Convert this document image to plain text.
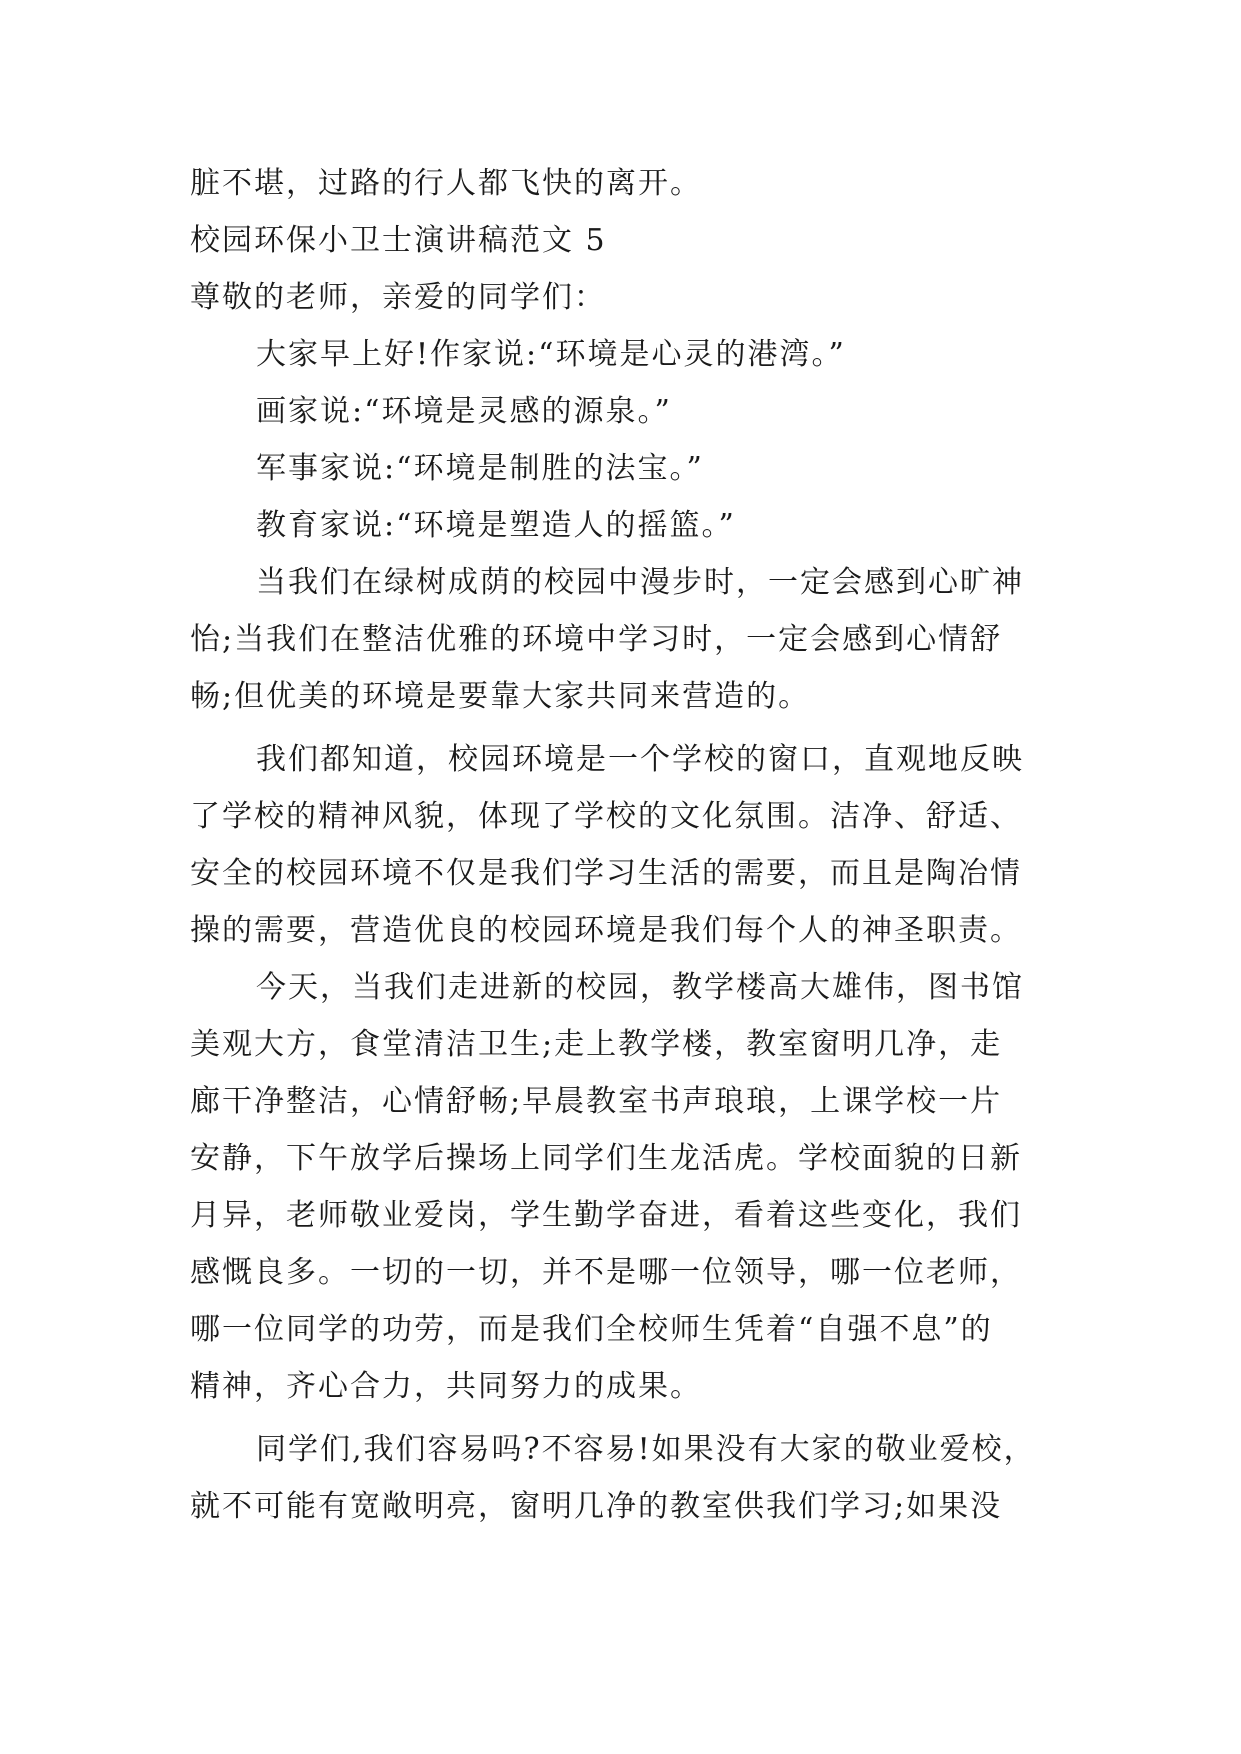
脏不堪，过路的行人都飞快的离开。
校园环保小卫士演讲稿范文 5
尊敬的老师，亲爱的同学们：
大家早上好!作家说:“环境是心灵的港湾。”
画家说:“环境是灵感的源泉。”
军事家说:“环境是制胜的法宝。”
教育家说:“环境是塑造人的摇篮。”
当我们在绿树成荫的校园中漫步时，一定会感到心旷神
怡;当我们在整洁优雅的环境中学习时，一定会感到心情舒
畅;但优美的环境是要靠大家共同来营造的。
我们都知道，校园环境是一个学校的窗口，直观地反映
了学校的精神风貌，体现了学校的文化氛围。洁净、舒适、
安全的校园环境不仅是我们学习生活的需要，而且是陶冶情
操的需要，营造优良的校园环境是我们每个人的神圣职责。
今天，当我们走进新的校园，教学楼高大雄伟，图书馆
美观大方，食堂清洁卫生;走上教学楼，教室窗明几净，走
廊干净整洁，心情舒畅;早晨教室书声琅琅，上课学校一片
安静，下午放学后操场上同学们生龙活虎。学校面貌的日新
月异，老师敬业爱岗，学生勤学奋进，看着这些变化，我们
感慨良多。一切的一切，并不是哪一位领导，哪一位老师，
哪一位同学的功劳，而是我们全校师生凭着“自强不息”的
精神，齐心合力，共同努力的成果。
同学们,我们容易吗?不容易!如果没有大家的敬业爱校，
就不可能有宽敞明亮，窗明几净的教室供我们学习;如果没
